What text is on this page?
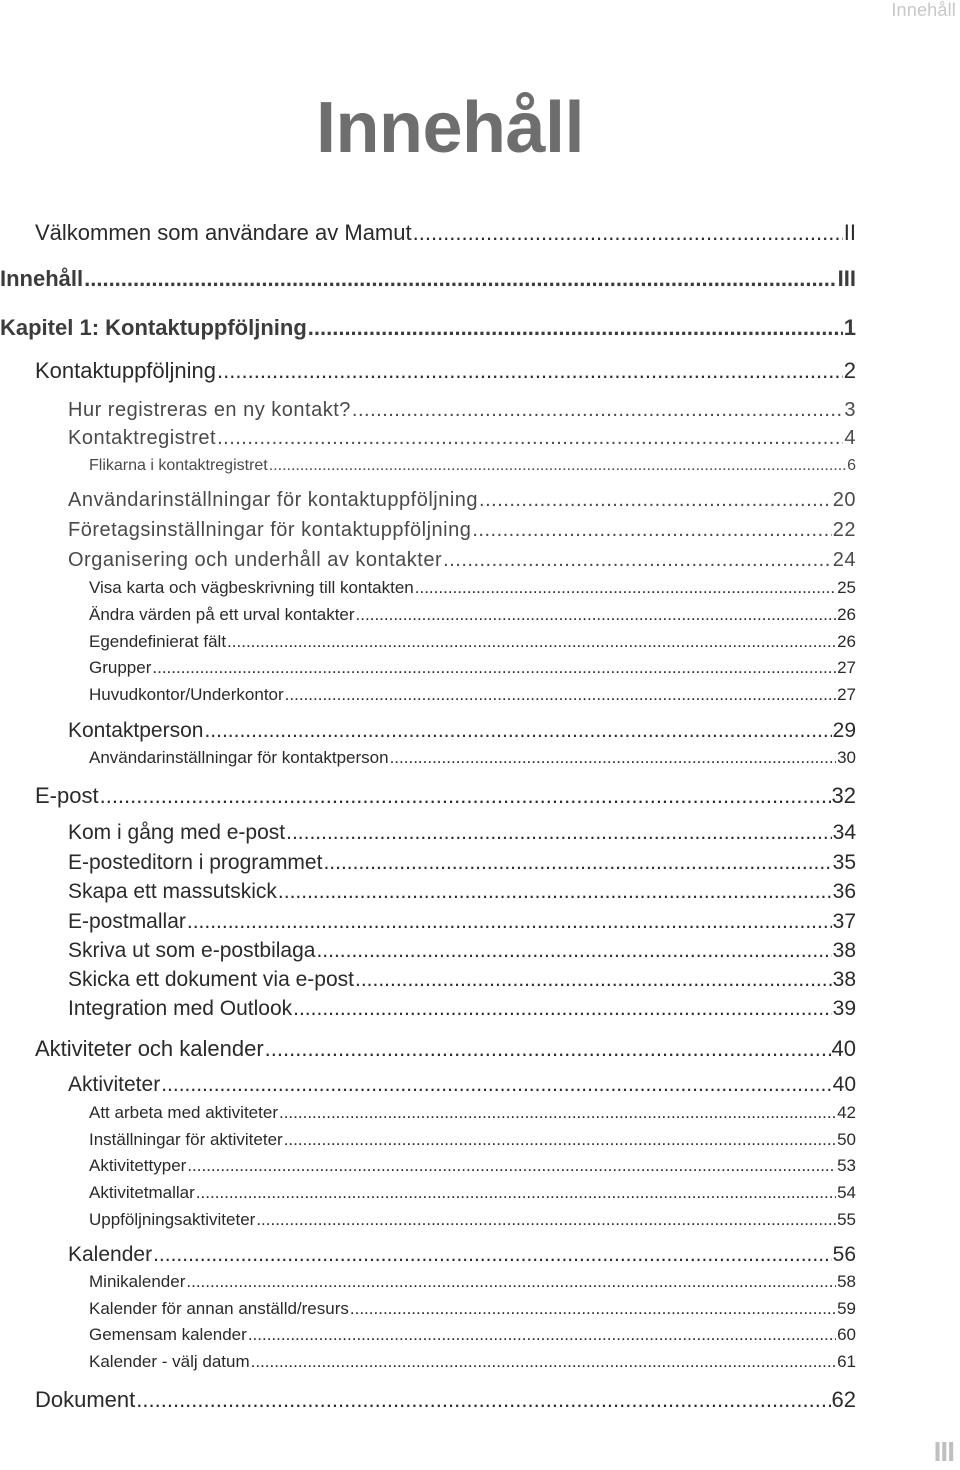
Innehåll
Innehåll
Välkommen som användare av Mamut .....	II
Innehåll .....	III
Kapitel 1: Kontaktuppföljning .....	1
Kontaktuppföljning .....	2
Hur registreras en ny kontakt? .....	3
Kontaktregistret .....	4
Flikarna i kontaktregistret .....	6
Användarinställningar för kontaktuppföljning .....	20
Företagsinställningar för kontaktuppföljning .....	22
Organisering och underhåll av kontakter .....	24
Visa karta och vägbeskrivning till kontakten .....	25
Ändra värden på ett urval kontakter .....	26
Egendefinierat fält .....	26
Grupper .....	27
Huvudkontor/Underkontor .....	27
Kontaktperson .....	29
Användarinställningar för kontaktperson .....	30
E-post .....	32
Kom i gång med e-post .....	34
E-posteditorn i programmet .....	35
Skapa ett massutskick .....	36
E-postmallar .....	37
Skriva ut som e-postbilaga .....	38
Skicka ett dokument via e-post .....	38
Integration med Outlook .....	39
Aktiviteter och kalender .....	40
Aktiviteter .....	40
Att arbeta med aktiviteter .....	42
Inställningar för aktiviteter .....	50
Aktivitettyper .....	53
Aktivitetmallar .....	54
Uppföljningsaktiviteter .....	55
Kalender .....	56
Minikalender .....	58
Kalender för annan anställd/resurs .....	59
Gemensam kalender .....	60
Kalender - välj datum .....	61
Dokument .....	62
III
